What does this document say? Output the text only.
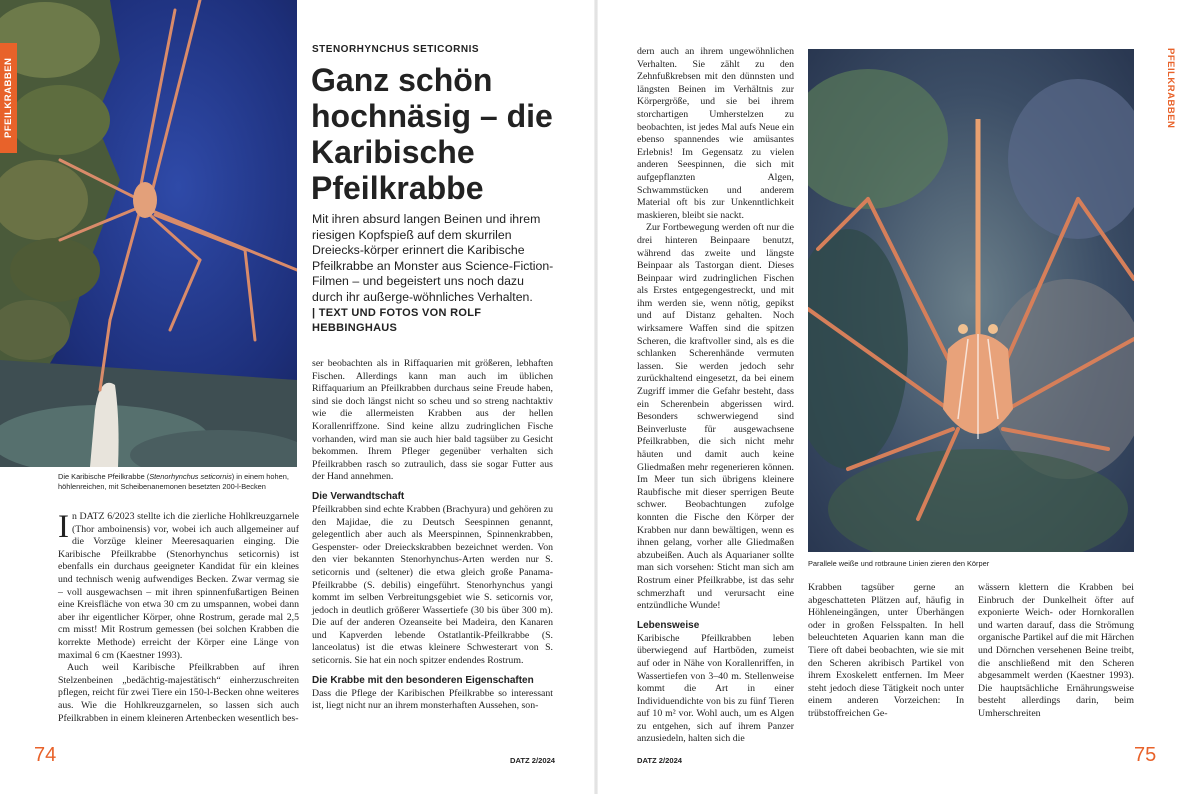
PFEILKRABBEN
Die Karibische Pfeilkrabbe (Stenorhynchus seticornis) in einem hohen, höhlenreichen, mit Scheibenanemonen besetzten 200-l-Becken
STENORHYNCHUS SETICORNIS
Ganz schön hochnäsig – die Karibische Pfeilkrabbe
Mit ihren absurd langen Beinen und ihrem riesigen Kopfspieß auf dem skurrilen Dreiecks-körper erinnert die Karibische Pfeilkrabbe an Monster aus Science-Fiction-Filmen – und begeistert uns noch dazu durch ihr außerge-wöhnliches Verhalten.
| TEXT UND FOTOS VON ROLF HEBBINGHAUS

In DATZ 6/2023 stellte ich die zierliche Hohlkreuzgarnele (Thor amboinensis) vor, wobei ich auch allgemeiner auf die Vorzüge kleiner Meeresaquarien einging. Die Karibische Pfeilkrabbe (Stenorhynchus seticornis) ist ebenfalls ein durchaus geeigneter Kandidat für ein kleines und technisch wenig aufwendiges Becken. Zwar vermag sie – voll ausgewachsen – mit ihren spinnenfußartigen Beinen eine Kreisfläche von etwa 30 cm zu umspannen, wobei dann aber ihr eigentlicher Körper, ohne Rostrum, gerade mal 2,5 cm misst! Mit Rostrum gemessen (bei solchen Krabben die korrekte Methode) erreicht der Körper eine Länge von maximal 6 cm (Kaestner 1993).

Auch weil Karibische Pfeilkrabben auf ihren Stelzenbeinen „bedächtig-majestätisch“ einherzuschreiten pflegen, reicht für zwei Tiere ein 150-l-Becken ohne weiteres aus. Wie die Hohlkreuzgarnelen, so lassen sich auch Pfeilkrabben in einem kleineren Artenbecken wesentlich bes-

ser beobachten als in Riffaquarien mit größeren, lebhaften Fischen. Allerdings kann man auch im üblichen Riffaquarium an Pfeilkrabben durchaus seine Freude haben, sind sie doch längst nicht so scheu und so streng nachtaktiv wie die allermeisten Krabben aus der hellen Korallenriffzone. Sind keine allzu zudringlichen Fische vorhanden, wird man sie auch hier bald tagsüber zu Gesicht bekommen. Ihrem Pfleger gegenüber verhalten sich Pfeilkrabben rasch so zutraulich, dass sie sogar Futter aus der Hand annehmen.

Die Verwandtschaft

Pfeilkrabben sind echte Krabben (Brachyura) und gehören zu den Majidae, die zu Deutsch Seespinnen genannt, gelegentlich aber auch als Meerspinnen, Spinnenkrabben, Gespenster- oder Dreieckskrabben bezeichnet werden. Von den vier bekannten Stenorhynchus-Arten werden nur S. seticornis und (seltener) die etwa gleich große Panama-Pfeilkrabbe (S. debilis) eingeführt. Stenorhynchus yangi kommt im selben Verbreitungsgebiet wie S. seticornis vor, jedoch in deutlich größerer Wassertiefe (30 bis über 300 m). Die auf der anderen Ozeanseite bei Madeira, den Kanaren und Kapverden lebende Ostatlantik-Pfeilkrabbe (S. lanceolatus) ist die etwas kleinere Schwesterart von S. seticornis. Sie hat ein noch spitzer endendes Rostrum.

Die Krabbe mit den besonderen Eigenschaften

Dass die Pflege der Karibischen Pfeilkrabbe so interessant ist, liegt nicht nur an ihrem monsterhaften Aussehen, son-

74	DATZ 2/2024

dern auch an ihrem ungewöhnlichen Verhalten. Sie zählt zu den Zehnfußkrebsen mit den dünnsten und längsten Beinen im Verhältnis zur Körpergröße, und sie bei ihrem storchartigen Umherstelzen zu beobachten, ist jedes Mal aufs Neue ein ebenso spannendes wie amüsantes Erlebnis! Im Gegensatz zu vielen anderen Seespinnen, die sich mit aufgepflanzten Algen, Schwammstücken und anderem Material oft bis zur Unkenntlichkeit maskieren, bleibt sie nackt.

Zur Fortbewegung werden oft nur die drei hinteren Beinpaare benutzt, während das zweite und längste Beinpaar als Tastorgan dient. Dieses Beinpaar wird zudringlichen Fischen als Erstes entgegengestreckt, und mit ihm werden sie, wenn nötig, gepikst und auf Distanz gehalten. Noch wirksamere Waffen sind die spitzen Scheren, die kraftvoller sind, als es die schlanken Scherenhände vermuten lassen. Sie werden jedoch sehr zurückhaltend eingesetzt, da bei einem Zugriff immer die Gefahr besteht, dass ein Scherenbein abgerissen wird. Besonders schwerwiegend sind Beinverluste für ausgewachsene Pfeilkrabben, die sich nicht mehr häuten und damit auch keine Gliedmaßen mehr regenerieren können. Im Meer tun sich übrigens kleinere Raubfische mit dieser sperrigen Beute schwer. Beobachtungen zufolge konnten die Fische den Körper der Krabben nur dann bewältigen, wenn es ihnen gelang, vorher alle Gliedmaßen abzubeißen. Auch als Aquarianer sollte man sich vorsehen: Sticht man sich am Rostrum einer Pfeilkrabbe, ist das sehr schmerzhaft und verursacht eine entzündliche Wunde!

Lebensweise

Karibische Pfeilkrabben leben überwiegend auf Hartböden, zumeist auf oder in Nähe von Korallenriffen, in Wassertiefen von 3–40 m. Stellenweise kommt die Art in einer Individuendichte von bis zu fünf Tieren auf 10 m² vor. Wohl auch, um es Algen zu entgehen, sich auf ihrem Panzer anzusiedeln, halten sich die

Parallele weiße und rotbraune Linien zieren den Körper

Krabben tagsüber gerne an abgeschatteten Plätzen auf, häufig in Höhleneingängen, unter Überhängen oder in großen Felsspalten. In hell beleuchteten Aquarien kann man die Tiere oft dabei beobachten, wie sie mit den Scheren akribisch Partikel von ihrem Exoskelett entfernen. Im Meer steht jedoch diese Tätigkeit noch unter einem anderen Vorzeichen: In trübstoffreichen Ge-

wässern klettern die Krabben bei Einbruch der Dunkelheit öfter auf exponierte Weich- oder Hornkorallen und warten darauf, dass die Strömung organische Partikel auf die mit Härchen und Dörnchen versehenen Beine treibt, die anschließend mit den Scheren abgesammelt werden (Kaestner 1993). Die hauptsächliche Ernährungsweise besteht allerdings darin, beim Umherschreiten

PFEILKRABBEN
DATZ 2/2024	75
